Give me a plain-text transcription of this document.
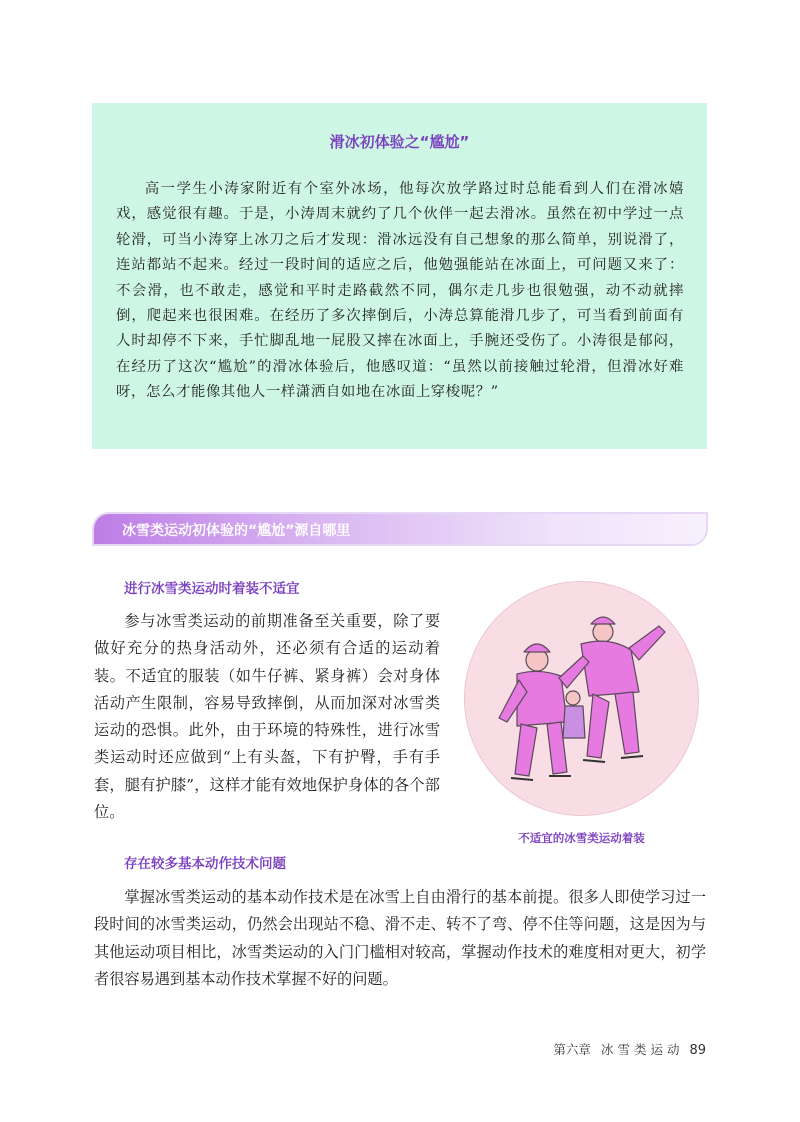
滑冰初体验之“尴尬”

高一学生小涛家附近有个室外冰场，他每次放学路过时总能看到人们在滑冰嬉戏，感觉很有趣。于是，小涛周末就约了几个伙伴一起去滑冰。虽然在初中学过一点轮滑，可当小涛穿上冰刀之后才发现：滑冰远没有自己想象的那么简单，别说滑了，连站都站不起来。经过一段时间的适应之后，他勉强能站在冰面上，可问题又来了：不会滑，也不敢走，感觉和平时走路截然不同，偶尔走几步也很勉强，动不动就摔倒，爬起来也很困难。在经历了多次摔倒后，小涛总算能滑几步了，可当看到前面有人时却停不下来，手忙脚乱地一屁股又摔在冰面上，手腕还受伤了。小涛很是郁闷，在经历了这次“尴尬”的滑冰体验后，他感叹道：“虽然以前接触过轮滑，但滑冰好难呀，怎么才能像其他人一样潇洒自如地在冰面上穿梭呢？”

冰雪类运动初体验的“尴尬”源自哪里
进行冰雪类运动时着装不适宜

参与冰雪类运动的前期准备至关重要，除了要做好充分的热身活动外，还必须有合适的运动着装。不适宜的服装（如牛仔裤、紧身裤）会对身体活动产生限制，容易导致摔倒，从而加深对冰雪类运动的恐惧。此外，由于环境的特殊性，进行冰雪类运动时还应做到“上有头盔，下有护臀，手有手套，腿有护膝”，这样才能有效地保护身体的各个部位。

不适宜的冰雪类运动着装
存在较多基本动作技术问题

掌握冰雪类运动的基本动作技术是在冰雪上自由滑行的基本前提。很多人即使学习过一段时间的冰雪类运动，仍然会出现站不稳、滑不走、转不了弯、停不住等问题，这是因为与其他运动项目相比，冰雪类运动的入门门槛相对较高，掌握动作技术的难度相对更大，初学者很容易遇到基本动作技术掌握不好的问题。

第六章 冰雪类运动 89
